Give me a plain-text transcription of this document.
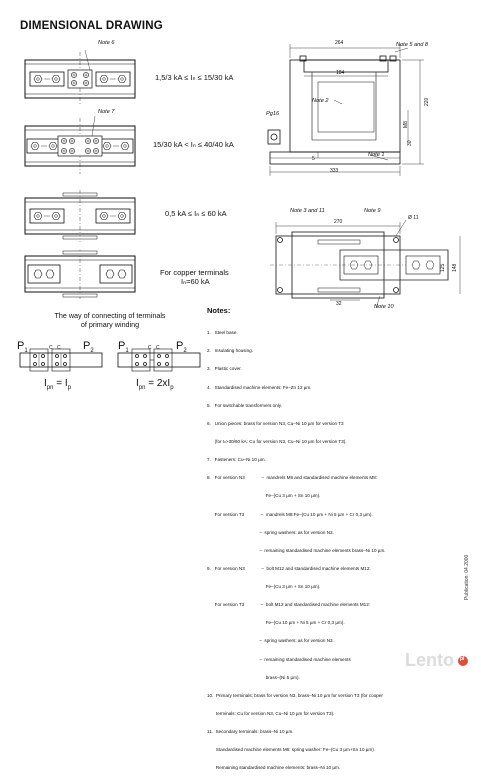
DIMENSIONAL DRAWING
Note 6
Note 7
1,5/3 kA ≤ Iₙ ≤ 15/30 kA
15/30 kA < Iₙ ≤ 40/40 kA
0,5 kA ≤ Iₙ ≤ 60 kA
For copper terminals
Iₙ=60 kA
264
184
333
220
M8
30
5
Note 5 and 8
Note 2
Note 1
Pg16
Note 3 and 11	Note 9
Note 10
270
Ø 11
125 148
32
The way of connecting of terminals
of primary winding
$P_1$
C C $P_2$
$I_{pn} = I_p$
$P_1$
C C $P_2$
$I_{pn} = 2xI_p$
Notes:

1.   Steel base.

2.   Insulating housing.

3.   Plastic cover.

4.   Standardised machine elements: Fe–Zn 12 µm.

5.   For switchable transformers only.

6.   Union pieces: brass for version N3, Cu–Ni 10 µm for version T3

(for Iₙ>30/60 kA: Cu for version N3, Cu–Ni 10 µm for version T3).

7.   Fasteners: Cu–Ni 10 µm.

8.   For version N3             –  mandrels M8 and standardised machine elements M8:

Fe–(Cu 3 µm + Sn 10 µm).

For version T3             –  mandrels M8:Fe–(Cu 10 µm + Ni 5 µm + Cr 0,3 µm).

–  spring washers: as for version N3.

–  remaining standardised machine elements brass–Ni 10 µm.

9.   For version N3             –  bolt M12 and standardised machine elements M12:

Fe–(Cu 3 µm + Sn 10 µm).

For version T3             –  bolt M12 and standardised machine elements M12:

Fe–(Cu 10 µm + Ni 5 µm + Cr 0,3 µm).

–  spring washers: as for version N3.

–  remaining standardised machine elements

brass–(Ni 5 µm).

10.  Primary terminals: brass for version N3, brass–Ni 10 µm for version T3 (for cooper

terminals: Cu for version N3, Cu–Ni 10 µm for version T3).

11.  Secondary terminals: brass–Ni 10 µm.

Standardised machine elements M6: spring washer: Fe–(Cu 3 µm+Sn 10 µm).

Remaining standardised machine elements: brass–Ni 10 µm.

Publication: 04.2000
Lento pl
